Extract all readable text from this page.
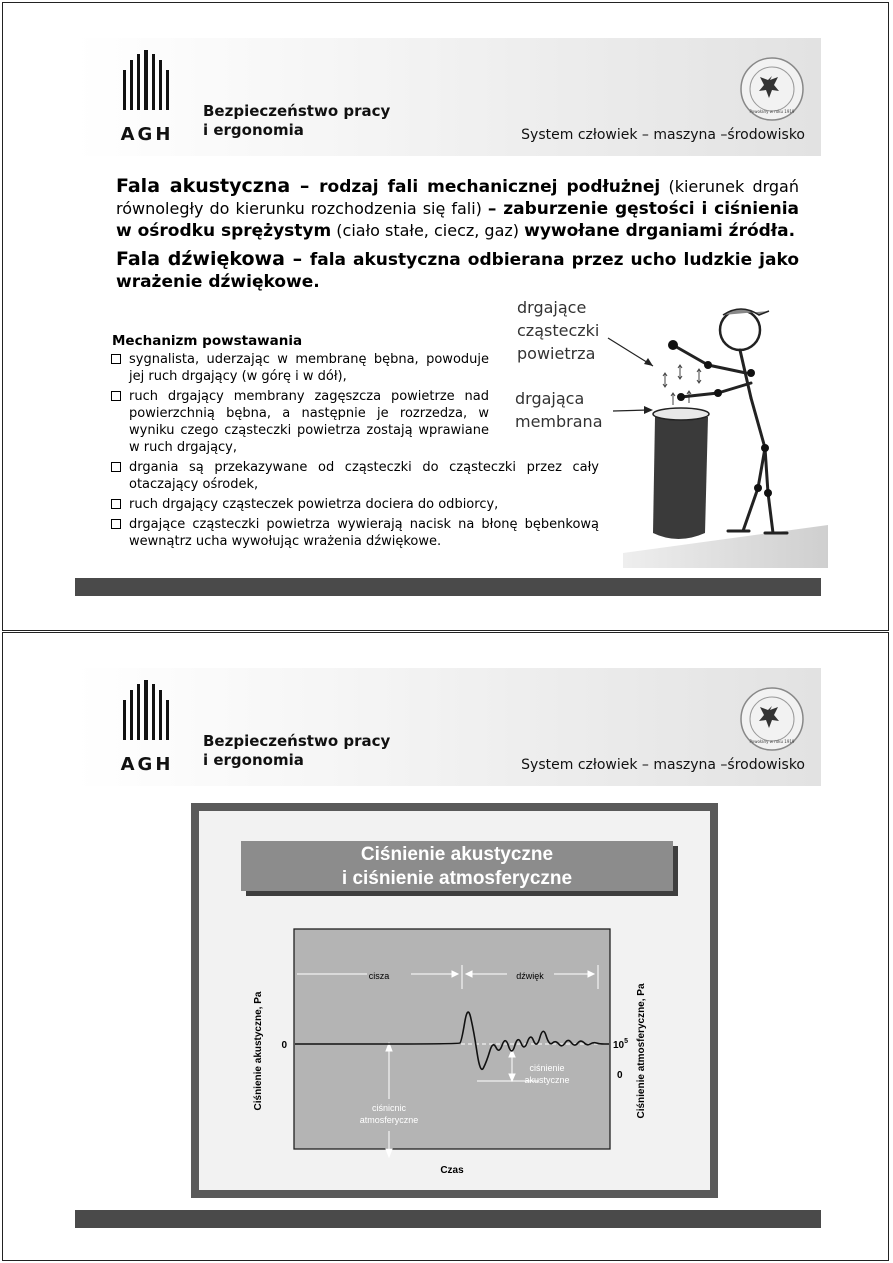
AGH
Bezpieczeństwo pracy
i ergonomia	System człowiek – maszyna –środowisko
Powołany w roku 1919

Fala akustyczna – rodzaj fali mechanicznej podłużnej (kierunek drgań równoległy do kierunku rozchodzenia się fali) – zaburzenie gęstości i ciśnienia w ośrodku sprężystym (ciało stałe, ciecz, gaz) wywołane drganiami źródła.

Fala dźwiękowa – fala akustyczna odbierana przez ucho ludzkie jako wrażenie dźwiękowe.

Mechanizm powstawania
sygnalista, uderzając w membranę bębna, powoduje jej ruch drgający (w górę i w dół),
ruch drgający membrany zagęszcza powietrze nad powierzchnią bębna, a następnie je rozrzedza, w wyniku czego cząsteczki powietrza zostają wprawiane w ruch drgający,
drgania są przekazywane od cząsteczki do cząsteczki przez cały otaczający ośrodek,
ruch drgający cząsteczek powietrza dociera do odbiorcy,
drgające cząsteczki powietrza wywierają nacisk na błonę bębenkową wewnątrz ucha wywołując wrażenia dźwiękowe.
drgające
cząsteczki
powietrza
drgająca
membrana
AGH
Bezpieczeństwo pracy
i ergonomia	System człowiek – maszyna –środowisko
Powołany w roku 1919
Ciśnienie akustyczne
i ciśnienie atmosferyczne
Ciśnienie akustyczne, Pa	Ciśnienie atmosferyczne, Pa
Czas
0	$10^5$
0
cisza	dźwięk
ciśnienie
akustyczne
ciśnicnic
atmosferyczne
